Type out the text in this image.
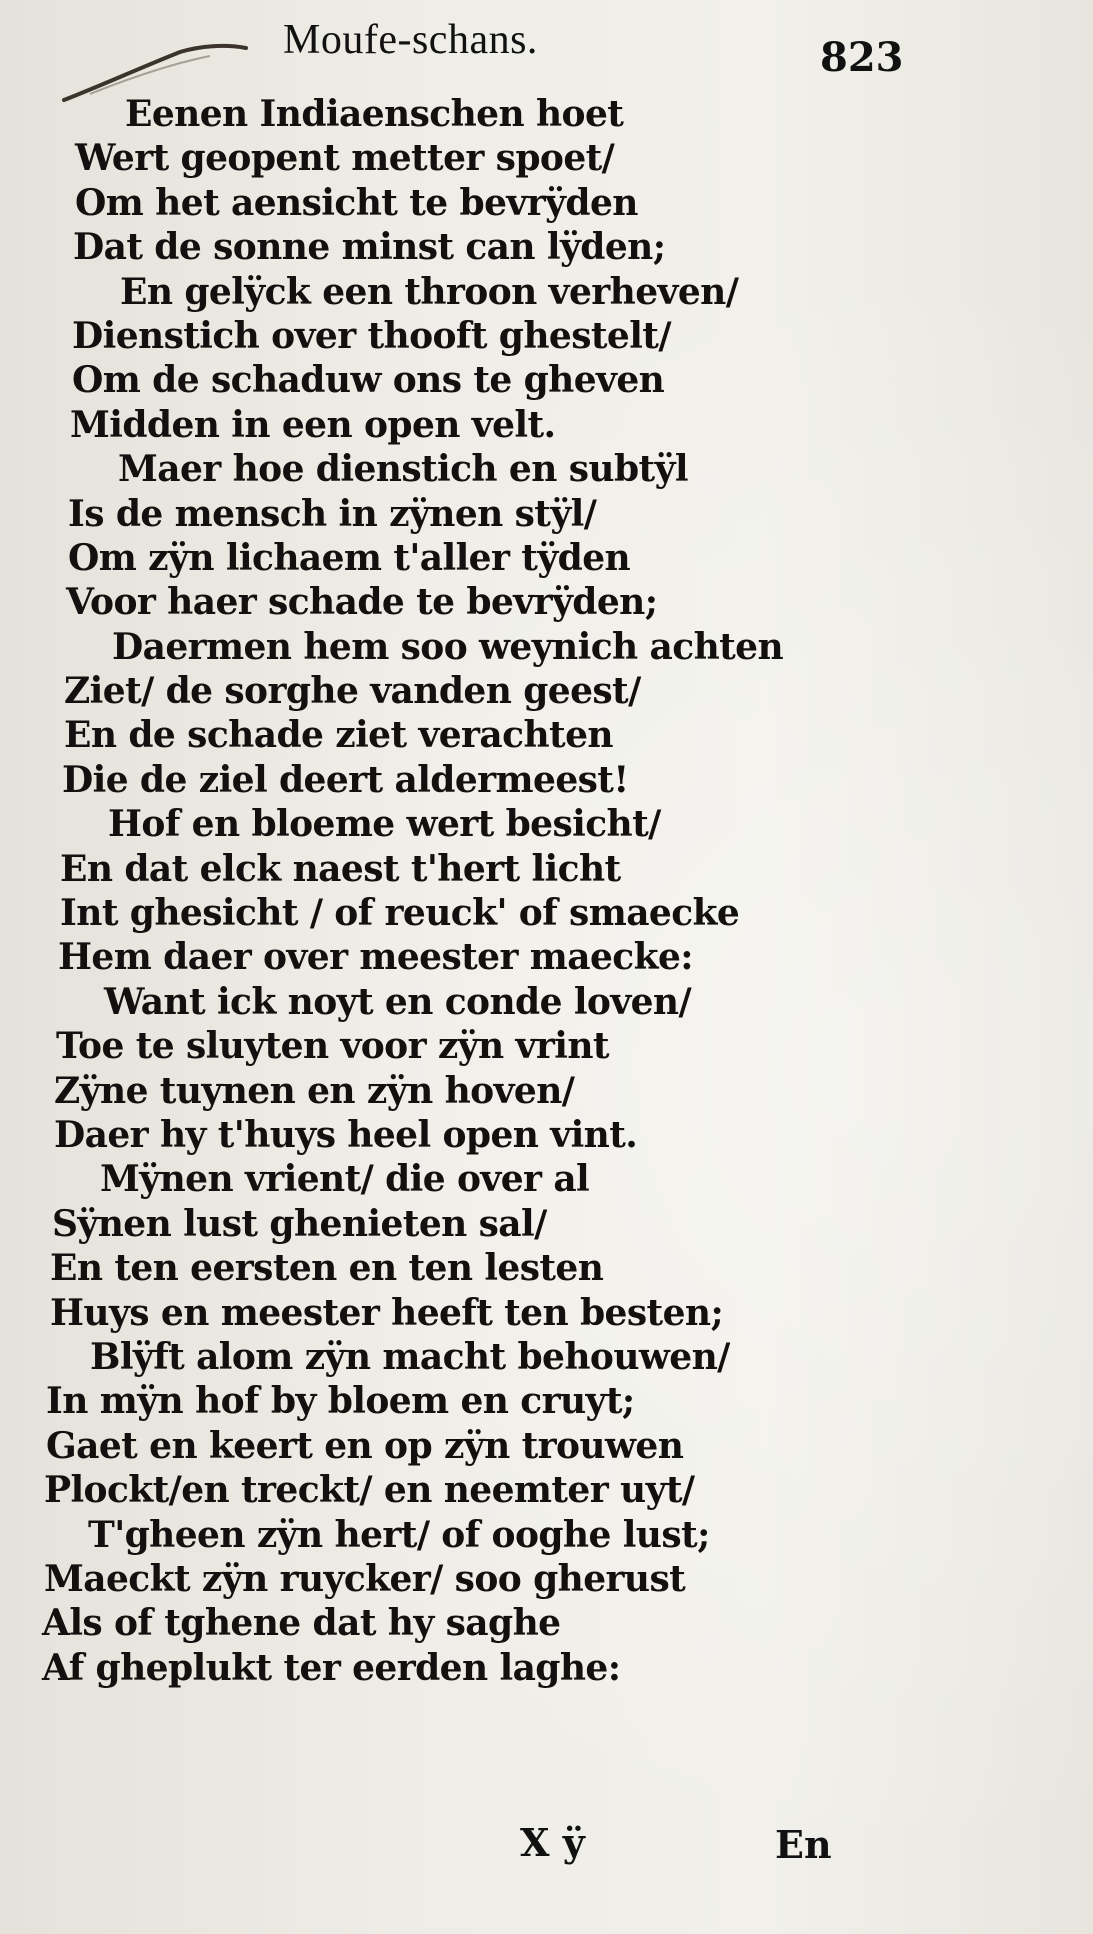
Moufe-schans.	823
Eenen Indiaenschen hoet
Wert geopent metter spoet/
Om het aensicht te bevrÿden
Dat de sonne minst can lÿden;
En gelÿck een throon verheven/
Dienstich over thooft ghestelt/
Om de schaduw ons te gheven
Midden in een open velt.
Maer hoe dienstich en subtÿl
Is de mensch in zÿnen stÿl/
Om zÿn lichaem t'aller tÿden
Voor haer schade te bevrÿden;
Daermen hem soo weynich achten
Ziet/ de sorghe vanden geest/
En de schade ziet verachten
Die de ziel deert aldermeest!
Hof en bloeme wert besicht/
En dat elck naest t'hert licht
Int ghesicht / of reuck' of smaecke
Hem daer over meester maecke:
Want ick noyt en conde loven/
Toe te sluyten voor zÿn vrint
Zÿne tuynen en zÿn hoven/
Daer hy t'huys heel open vint.
Mÿnen vrient/ die over al
Sÿnen lust ghenieten sal/
En ten eersten en ten lesten
Huys en meester heeft ten besten;
Blÿft alom zÿn macht behouwen/
In mÿn hof by bloem en cruyt;
Gaet en keert en op zÿn trouwen
Plockt/en treckt/ en neemter uyt/
T'gheen zÿn hert/ of ooghe lust;
Maeckt zÿn ruycker/ soo gherust
Als of tghene dat hy saghe
Af gheplukt ter eerden laghe:
X ÿ	En
